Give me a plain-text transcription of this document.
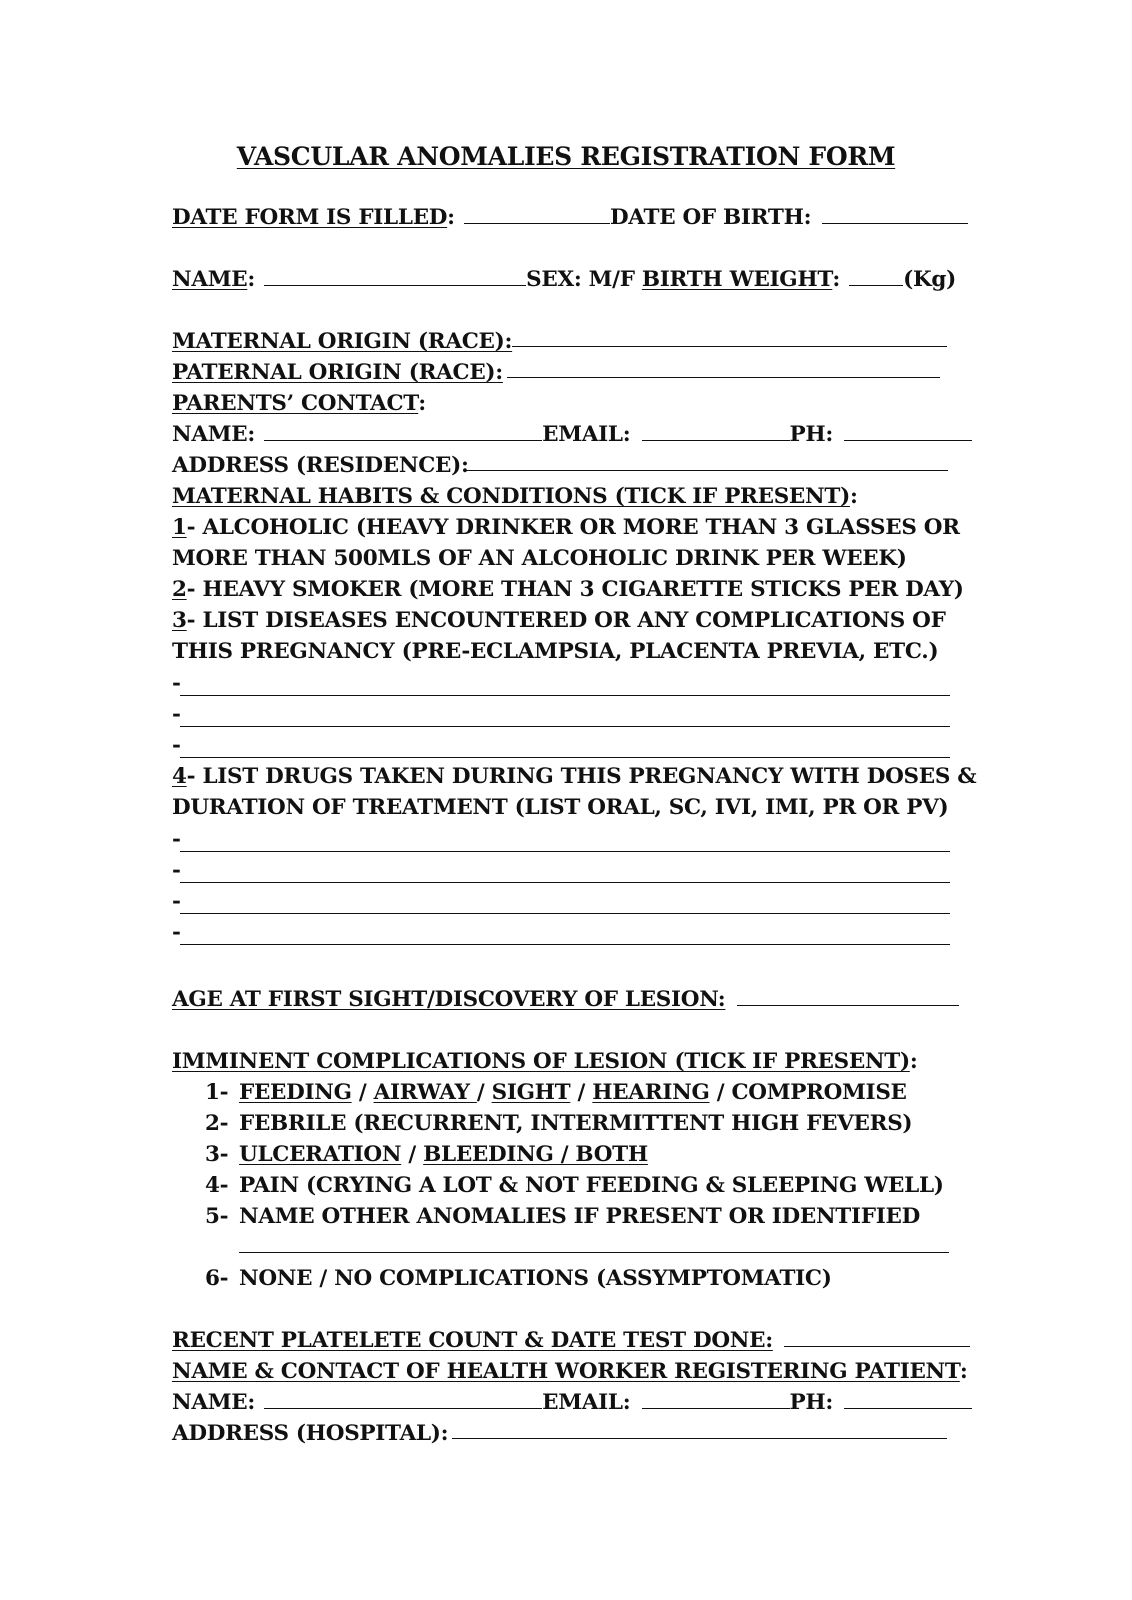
VASCULAR ANOMALIES REGISTRATION FORM
DATE FORM IS FILLED:	DATE OF BIRTH:
NAME:	SEX: M/F BIRTH WEIGHT:	(Kg)
MATERNAL ORIGIN (RACE):
PATERNAL ORIGIN (RACE):
PARENTS’ CONTACT:
NAME:	EMAIL:	PH:
ADDRESS (RESIDENCE):
MATERNAL HABITS & CONDITIONS (TICK IF PRESENT):
1- ALCOHOLIC (HEAVY DRINKER OR MORE THAN 3 GLASSES OR
MORE THAN 500MLS OF AN ALCOHOLIC DRINK PER WEEK)
2- HEAVY SMOKER (MORE THAN 3 CIGARETTE STICKS PER DAY)
3- LIST DISEASES ENCOUNTERED OR ANY COMPLICATIONS OF
THIS PREGNANCY (PRE-ECLAMPSIA, PLACENTA PREVIA, ETC.)
-
-
-
4- LIST DRUGS TAKEN DURING THIS PREGNANCY WITH DOSES &
DURATION OF TREATMENT (LIST ORAL, SC, IVI, IMI, PR OR PV)
-
-
-
-
AGE AT FIRST SIGHT/DISCOVERY OF LESION:
IMMINENT COMPLICATIONS OF LESION (TICK IF PRESENT):
1- FEEDING / AIRWAY / SIGHT / HEARING / COMPROMISE
2- FEBRILE (RECURRENT, INTERMITTENT HIGH FEVERS)
3- ULCERATION / BLEEDING / BOTH
4- PAIN (CRYING A LOT & NOT FEEDING & SLEEPING WELL)
5- NAME OTHER ANOMALIES IF PRESENT OR IDENTIFIED
6- NONE / NO COMPLICATIONS (ASSYMPTOMATIC)
RECENT PLATELETE COUNT & DATE TEST DONE:
NAME & CONTACT OF HEALTH WORKER REGISTERING PATIENT:
NAME:	EMAIL:	PH:
ADDRESS (HOSPITAL):
